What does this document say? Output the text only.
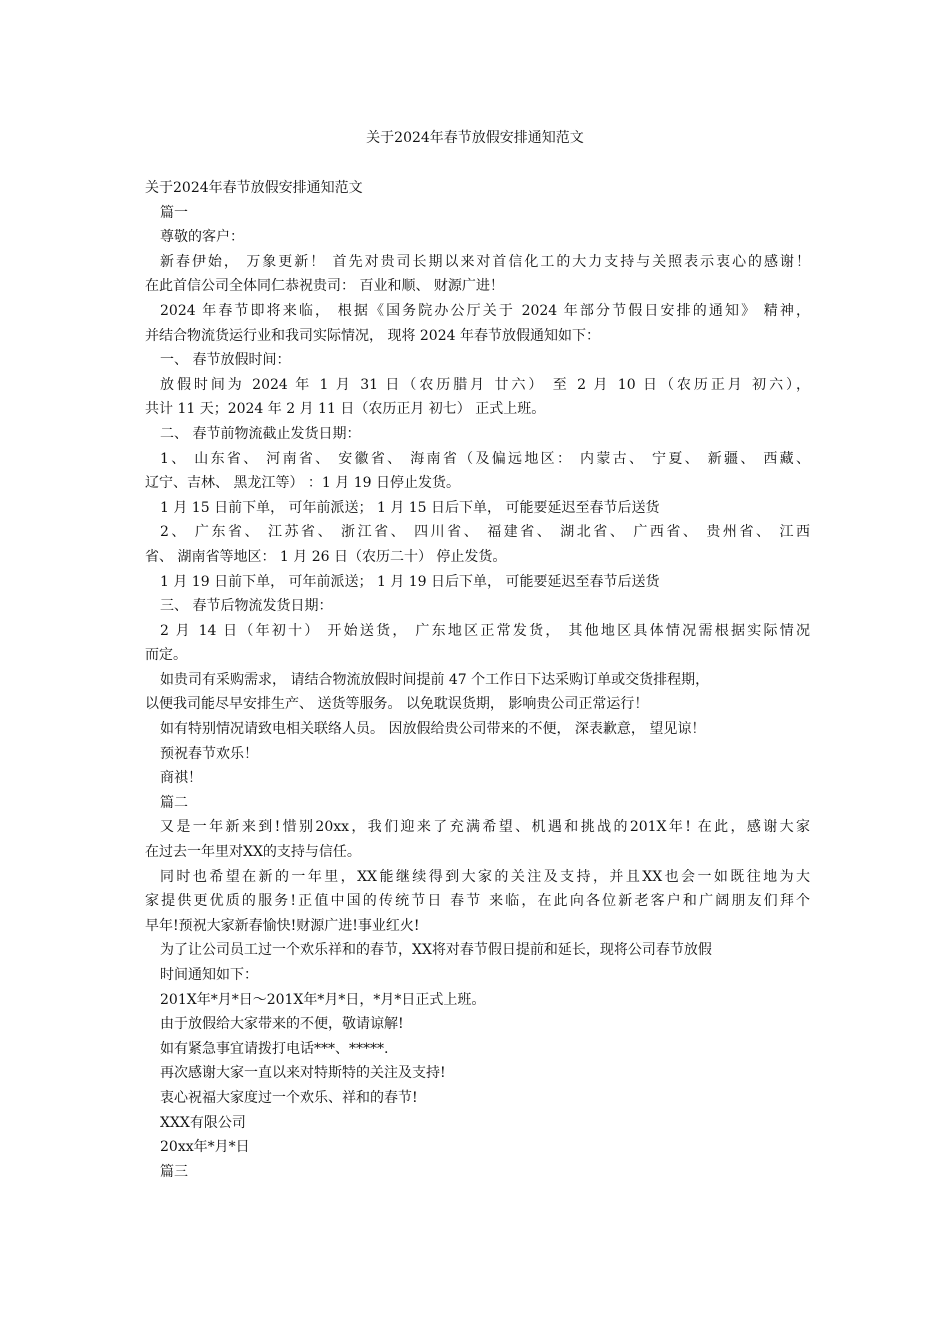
关于2024年春节放假安排通知范文
关于2024年春节放假安排通知范文
篇一
尊敬的客户：
新春伊始， 万象更新！ 首先对贵司长期以来对首信化工的大力支持与关照表示衷心的感谢！
在此首信公司全体同仁恭祝贵司： 百业和顺、 财源广进！
2024 年春节即将来临， 根据《国务院办公厅关于 2024 年部分节假日安排的通知》 精神，
并结合物流货运行业和我司实际情况， 现将 2024 年春节放假通知如下：
一、 春节放假时间：
放假时间为 2024 年 1 月 31 日（农历腊月 廿六） 至 2 月 10 日（农历正月 初六），
共计 11 天；2024 年 2 月 11 日（农历正月 初七） 正式上班。
二、 春节前物流截止发货日期：
1、 山东省、 河南省、 安徽省、 海南省（及偏远地区： 内蒙古、 宁夏、 新疆、 西藏、
辽宁、吉林、 黑龙江等） ：1 月 19 日停止发货。
1 月 15 日前下单， 可年前派送； 1 月 15 日后下单， 可能要延迟至春节后送货
2、 广东省、 江苏省、 浙江省、 四川省、 福建省、 湖北省、 广西省、 贵州省、 江西
省、 湖南省等地区： 1 月 26 日（农历二十） 停止发货。
1 月 19 日前下单， 可年前派送； 1 月 19 日后下单， 可能要延迟至春节后送货
三、 春节后物流发货日期：
2 月 14 日（年初十） 开始送货， 广东地区正常发货， 其他地区具体情况需根据实际情况
而定。
如贵司有采购需求， 请结合物流放假时间提前 47 个工作日下达采购订单或交货排程期，
以便我司能尽早安排生产、 送货等服务。 以免耽误货期， 影响贵公司正常运行！
如有特别情况请致电相关联络人员。 因放假给贵公司带来的不便， 深表歉意， 望见谅！
预祝春节欢乐！
商祺！
篇二
又是一年新来到!惜别20xx，我们迎来了充满希望、机遇和挑战的201X年! 在此，感谢大家
在过去一年里对XX的支持与信任。
同时也希望在新的一年里，XX能继续得到大家的关注及支持，并且XX也会一如既往地为大
家提供更优质的服务!正值中国的传统节日 春节 来临，在此向各位新老客户和广阔朋友们拜个
早年!预祝大家新春愉快!财源广进!事业红火!
为了让公司员工过一个欢乐祥和的春节，XX将对春节假日提前和延长，现将公司春节放假
时间通知如下：
201X年*月*日～201X年*月*日，*月*日正式上班。
由于放假给大家带来的不便，敬请谅解!
如有紧急事宜请拨打电话***、*****.
再次感谢大家一直以来对特斯特的关注及支持!
衷心祝福大家度过一个欢乐、祥和的春节!
XXX有限公司
20xx年*月*日
篇三
